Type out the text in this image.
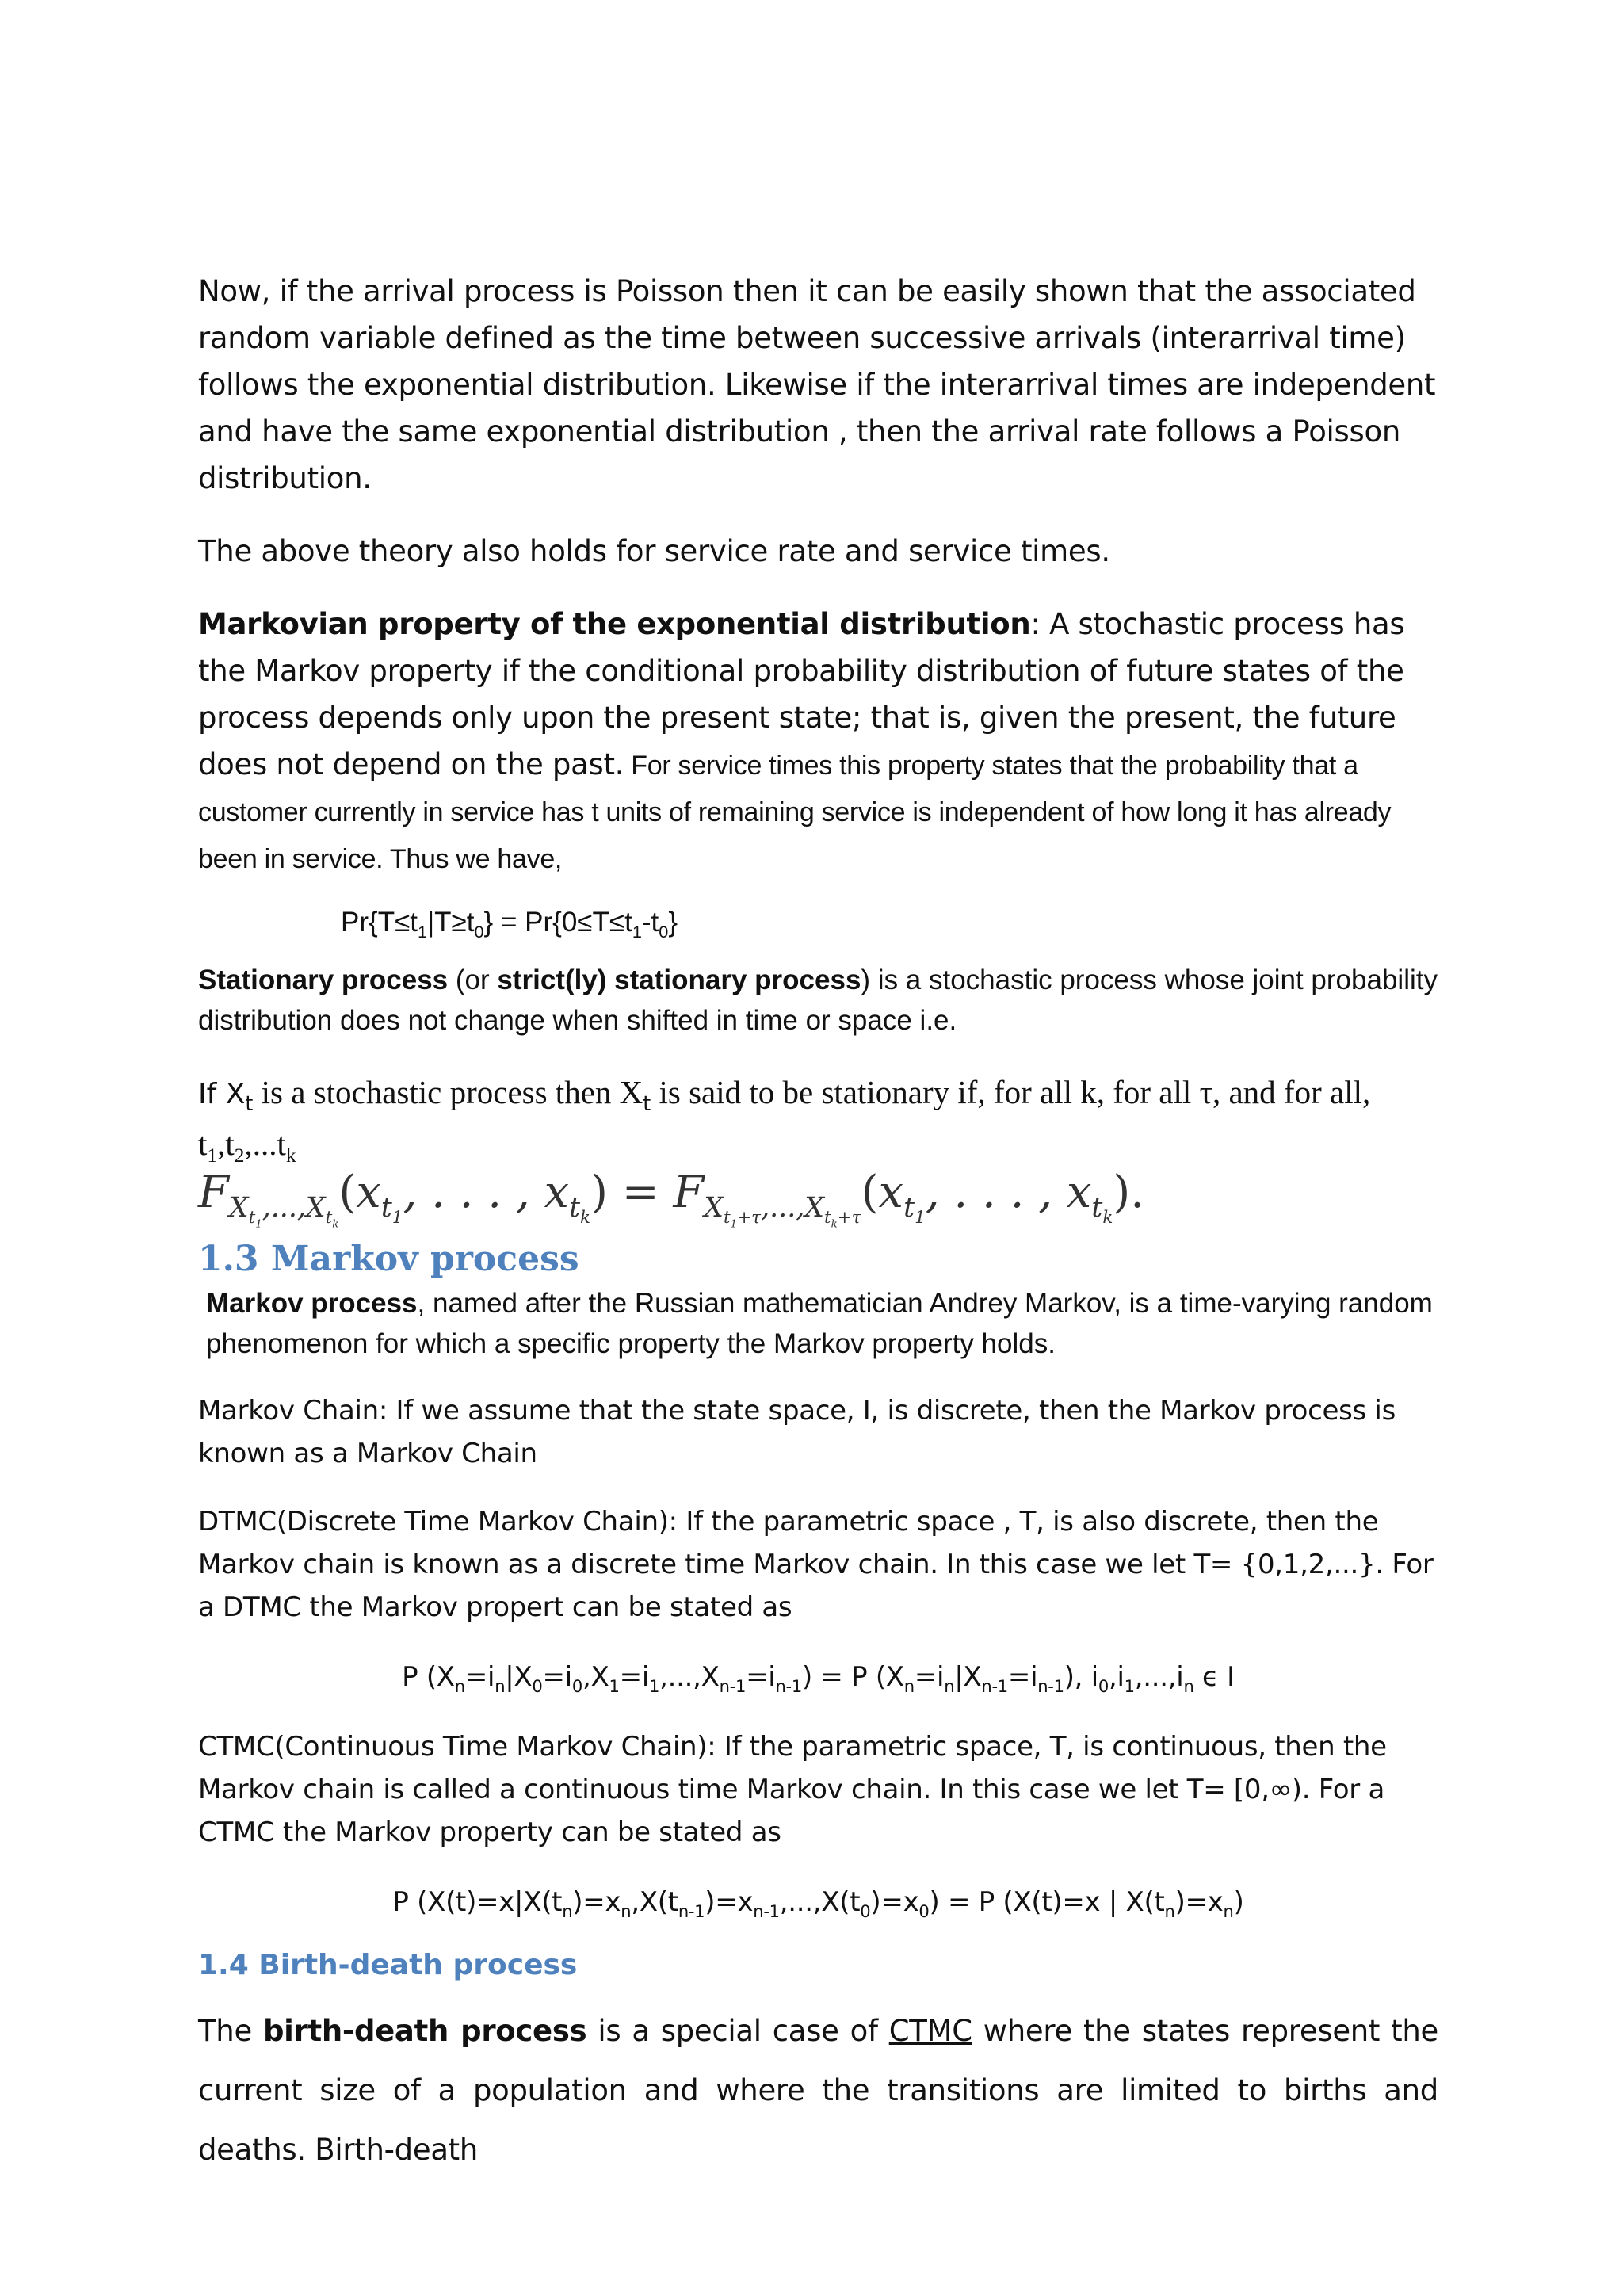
Now, if the arrival process is Poisson then it can be easily shown that the associated random variable defined as the time between successive arrivals (interarrival time) follows the exponential distribution. Likewise if the interarrival times are independent and have the same exponential distribution , then the arrival rate follows a Poisson distribution.

The above theory also holds for service rate and service times.

Markovian property of the exponential distribution: A stochastic process has the Markov property if the conditional probability distribution of future states of the process depends only upon the present state; that is, given the present, the future does not depend on the past. For service times this property states that the probability that a customer currently in service has t units of remaining service is independent of how long it has already been in service. Thus we have,

$Pr\{T\le t_1|T\ge t_0\} = Pr\{0\le T\le t_1-t_0\}$

Stationary process (or strict(ly) stationary process) is a stochastic process whose joint probability distribution does not change when shifted in time or space i.e.

If $X_t$ is a stochastic process then $X_t$ is said to be stationary if, for all k, for all τ, and for all,
$t_1,t_2,...t_k$

$F_{X_{t_1},...,X_{t_k}}(x_{t_1}$, . . . , $x_{t_k}) = F_{X_{t_1+\tau},...,X_{t_k+\tau}}(x_{t_1}$, . . . , $x_{t_k}$).
1.3 Markov process

Markov process, named after the Russian mathematician Andrey Markov, is a time-varying random phenomenon for which a specific property the Markov property holds.

Markov Chain: If we assume that the state space, I, is discrete, then the Markov process is known as a Markov Chain

DTMC(Discrete Time Markov Chain): If the parametric space , T, is also discrete, then the Markov chain is known as a discrete time Markov chain. In this case we let T= {0,1,2,...}. For a DTMC the Markov propert can be stated as

P $(X_n=i_n|X_0=i_0,X_1=i_1,...,X_{n-1}=i_{n-1}) = P$ $(X_n=i_n|X_{n-1}=i_{n-1})$, $i_0,i_1,...,i_n$ ϵ I

CTMC(Continuous Time Markov Chain): If the parametric space, T, is continuous, then the Markov chain is called a continuous time Markov chain. In this case we let T= [0,∞). For a CTMC the Markov property can be stated as

P $(X(t)=x|X(t_n)=x_n,X(t_{n-1})=x_{n-1},...,X(t_0)=x_0) = P$ (X(t)=x | $X(t_n)=x_n$)

1.4 Birth-death process

The birth-death process is a special case of CTMC where the states represent the current size of a population and where the transitions are limited to births and deaths. Birth-death
